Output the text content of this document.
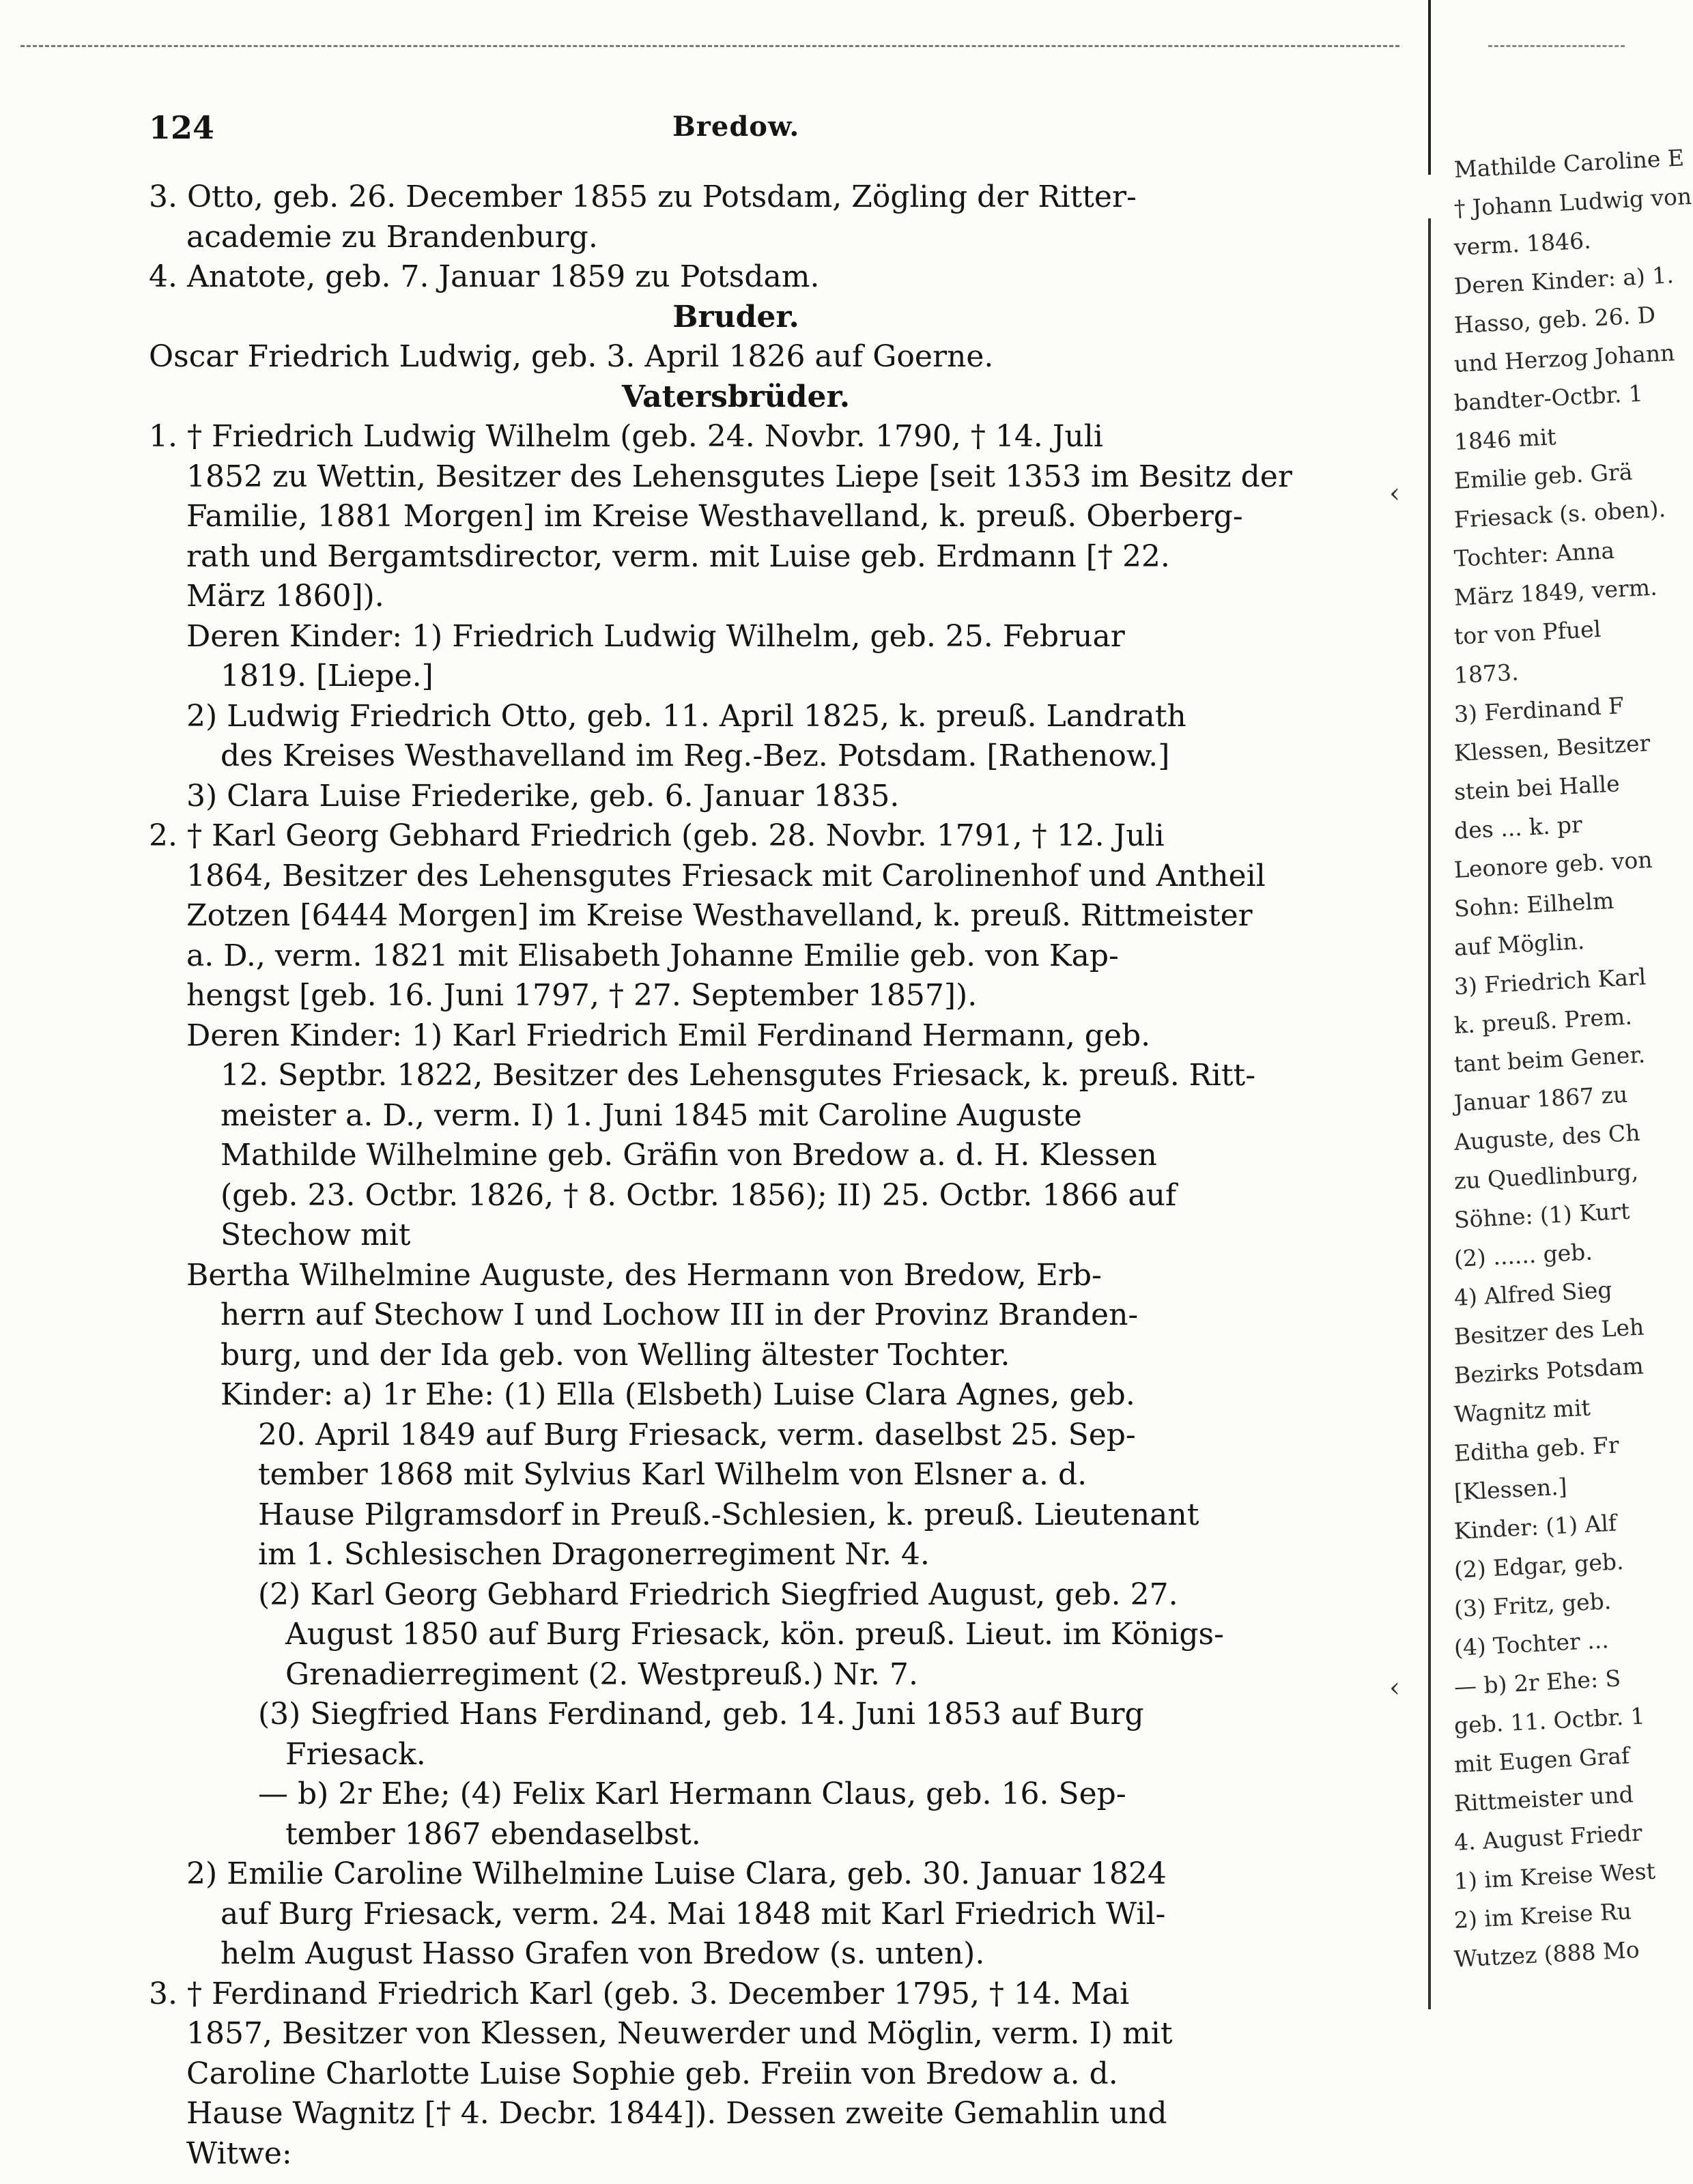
124	Bredow.
3. Otto, geb. 26. December 1855 zu Potsdam, Zögling der Ritter-
academie zu Brandenburg.
4. Anatote, geb. 7. Januar 1859 zu Potsdam.
Bruder.
Oscar Friedrich Ludwig, geb. 3. April 1826 auf Goerne.
Vatersbrüder.
1. † Friedrich Ludwig Wilhelm (geb. 24. Novbr. 1790, † 14. Juli
1852 zu Wettin, Besitzer des Lehensgutes Liepe [seit 1353 im Besitz der
Familie, 1881 Morgen] im Kreise Westhavelland, k. preuß. Oberberg-
rath und Bergamtsdirector, verm. mit Luise geb. Erdmann [† 22.
März 1860]).
Deren Kinder: 1) Friedrich Ludwig Wilhelm, geb. 25. Februar
1819. [Liepe.]
2) Ludwig Friedrich Otto, geb. 11. April 1825, k. preuß. Landrath
des Kreises Westhavelland im Reg.-Bez. Potsdam. [Rathenow.]
3) Clara Luise Friederike, geb. 6. Januar 1835.
2. † Karl Georg Gebhard Friedrich (geb. 28. Novbr. 1791, † 12. Juli
1864, Besitzer des Lehensgutes Friesack mit Carolinenhof und Antheil
Zotzen [6444 Morgen] im Kreise Westhavelland, k. preuß. Rittmeister
a. D., verm. 1821 mit Elisabeth Johanne Emilie geb. von Kap-
hengst [geb. 16. Juni 1797, † 27. September 1857]).
Deren Kinder: 1) Karl Friedrich Emil Ferdinand Hermann, geb.
12. Septbr. 1822, Besitzer des Lehensgutes Friesack, k. preuß. Ritt-
meister a. D., verm. I) 1. Juni 1845 mit Caroline Auguste
Mathilde Wilhelmine geb. Gräfin von Bredow a. d. H. Klessen
(geb. 23. Octbr. 1826, † 8. Octbr. 1856); II) 25. Octbr. 1866 auf
Stechow mit
Bertha Wilhelmine Auguste, des Hermann von Bredow, Erb-
herrn auf Stechow I und Lochow III in der Provinz Branden-
burg, und der Ida geb. von Welling ältester Tochter.
Kinder: a) 1r Ehe: (1) Ella (Elsbeth) Luise Clara Agnes, geb.
20. April 1849 auf Burg Friesack, verm. daselbst 25. Sep-
tember 1868 mit Sylvius Karl Wilhelm von Elsner a. d.
Hause Pilgramsdorf in Preuß.-Schlesien, k. preuß. Lieutenant
im 1. Schlesischen Dragonerregiment Nr. 4.
(2) Karl Georg Gebhard Friedrich Siegfried August, geb. 27.
August 1850 auf Burg Friesack, kön. preuß. Lieut. im Königs-
Grenadierregiment (2. Westpreuß.) Nr. 7.
(3) Siegfried Hans Ferdinand, geb. 14. Juni 1853 auf Burg
Friesack.
— b) 2r Ehe; (4) Felix Karl Hermann Claus, geb. 16. Sep-
tember 1867 ebendaselbst.
2) Emilie Caroline Wilhelmine Luise Clara, geb. 30. Januar 1824
auf Burg Friesack, verm. 24. Mai 1848 mit Karl Friedrich Wil-
helm August Hasso Grafen von Bredow (s. unten).
3. † Ferdinand Friedrich Karl (geb. 3. December 1795, † 14. Mai
1857, Besitzer von Klessen, Neuwerder und Möglin, verm. I) mit
Caroline Charlotte Luise Sophie geb. Freiin von Bredow a. d.
Hause Wagnitz [† 4. Decbr. 1844]). Dessen zweite Gemahlin und
Witwe:
‹
‹
Mathilde Caroline E
† Johann Ludwig von
verm. 1846.
Deren Kinder: a) 1.
Hasso, geb. 26. D
und Herzog Johann
bandter-Octbr. 1
1846 mit
Emilie geb. Grä
Friesack (s. oben).
Tochter: Anna
März 1849, verm.
tor von Pfuel
1873.
3) Ferdinand F
Klessen, Besitzer
stein bei Halle
des ... k. pr
Leonore geb. von
Sohn: Eilhelm
auf Möglin.
3) Friedrich Karl
k. preuß. Prem.
tant beim Gener.
Januar 1867 zu
Auguste, des Ch
zu Quedlinburg,
Söhne: (1) Kurt
(2) ...... geb.
4) Alfred Sieg
Besitzer des Leh
Bezirks Potsdam
Wagnitz mit
Editha geb. Fr
[Klessen.]
Kinder: (1) Alf
(2) Edgar, geb.
(3) Fritz, geb.
(4) Tochter ...
— b) 2r Ehe: S
geb. 11. Octbr. 1
mit Eugen Graf
Rittmeister und
4. August Friedr
1) im Kreise West
2) im Kreise Ru
Wutzez (888 Mo
